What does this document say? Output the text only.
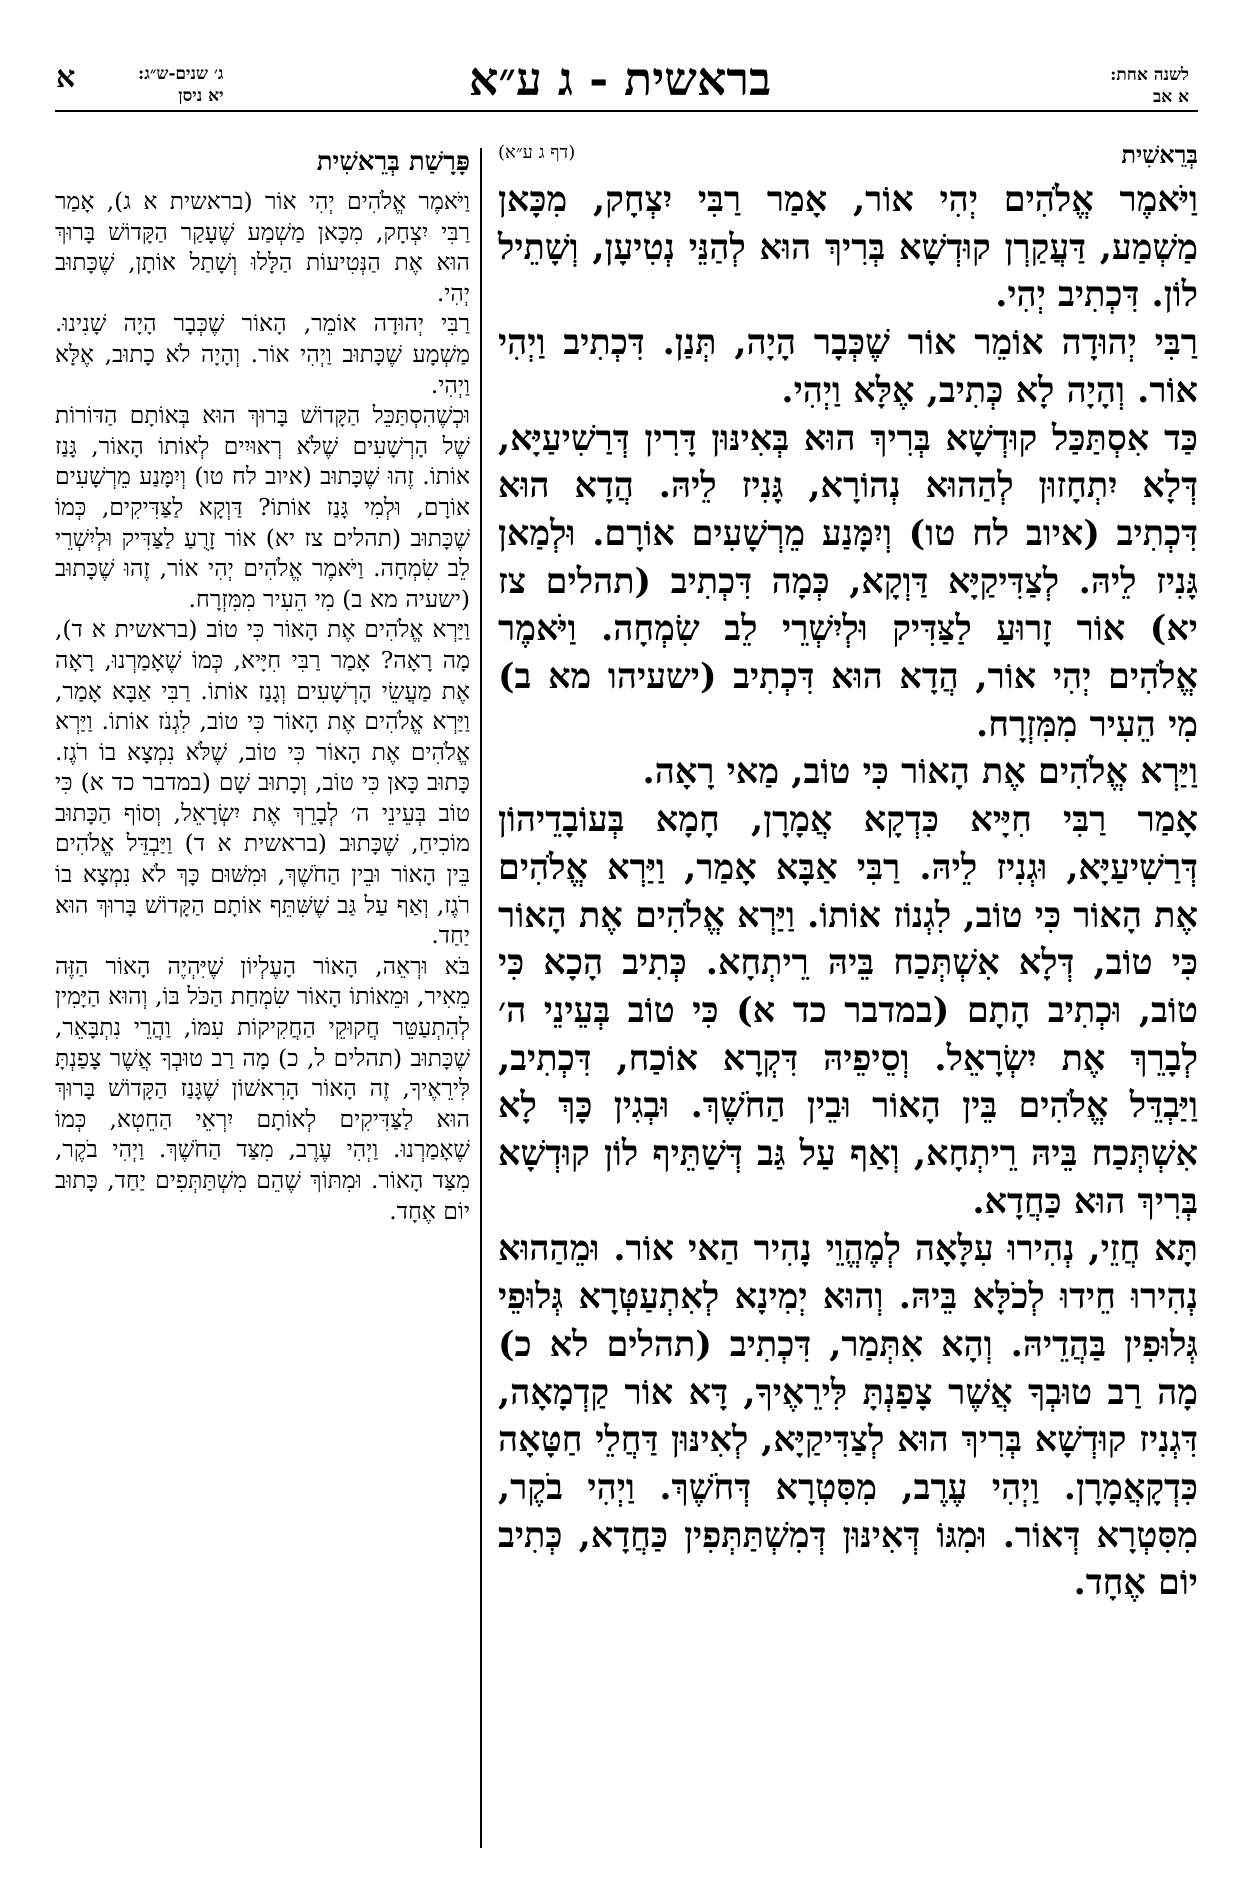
א	ג׳ שנים-ש״ג:
יא ניסן	בראשית - ג ע״א	לשנה אחת:
א אב
בְּרֵאשִׁית
(דף ג ע״א)

וַיֹּאמֶר אֱלֹהִים יְהִי אוֹר, אָמַר רַבִּי יִצְחָק, מִכָּאן מַשְׁמַע, דַּעֲקַרְן קוּדְשָׁא בְּרִיךְ הוּא לְהַנֵּי נְטִיעָן, וְשָׁתֵיל לוֹן. דִּכְתִיב יְהִי.

רַבִּי יְהוּדָה אוֹמֵר אוֹר שֶׁכְּבָר הָיָה, תְּנַן. דִּכְתִיב וַיְהִי אוֹר. וְהָיָה לָא כְּתִיב, אֶלָּא וַיְהִי.

כַּד אִסְתַּכַּל קוּדְשָׁא בְּרִיךְ הוּא בְּאִינּוּן דָּרִין דְּרַשִׁיעַיָּא, דְּלָא יִתְחָזוּן לְהַהוּא נְהוֹרָא, גָּנִיז לֵיהּ. הֲדָא הוּא דִּכְתִיב (איוב לח טו) וְיִמָּנַע מֵרְשָׁעִים אוֹרָם. וּלְמַאן גָּנִיז לֵיהּ. לְצַדִּיקַיָּא דַּוְקָא, כְּמָה דִּכְתִיב (תהלים צז יא) אוֹר זָרוּעַ לַצַּדִּיק וּלְיִשְׁרֵי לֵב שִׂמְחָה. וַיֹּאמֶר אֱלֹהִים יְהִי אוֹר, הֲדָא הוּא דִּכְתִיב (ישעיהו מא ב) מִי הֵעִיר מִמִּזְרָח.

וַיַּרְא אֱלֹהִים אֶת הָאוֹר כִּי טוֹב, מַאי רָאָה.

אָמַר רַבִּי חִיָּיא כִּדְקָא אֲמָרָן, חָמָא בְּעוֹבָדֵיהוֹן דְּרַשִׁיעַיָּא, וּגְנִיז לֵיהּ. רַבִּי אַבָּא אָמַר, וַיַּרְא אֱלֹהִים אֶת הָאוֹר כִּי טוֹב, לִגְנוֹז אוֹתוֹ. וַיַּרְא אֱלֹהִים אֶת הָאוֹר כִּי טוֹב, דְּלָא אִשְׁתְּכַח בֵּיהּ רֵיתְחָא. כְּתִיב הָכָא כִּי טוֹב, וּכְתִיב הָתָם (במדבר כד א) כִּי טוֹב בְּעֵינֵי ה׳ לְבָרֵךְ אֶת יִשְׂרָאֵל. וְסֵיפֵיהּ דִּקְרָא אוֹכַח, דִּכְתִיב, וַיַּבְדֵּל אֱלֹהִים בֵּין הָאוֹר וּבֵין הַחֹשֶׁךְ. וּבְגִין כָּךְ לָא אִשְׁתְּכַח בֵּיהּ רֵיתְחָא, וְאַף עַל גַּב דְּשַׁתֵּיף לוֹן קוּדְשָׁא בְּרִיךְ הוּא כַּחֲדָא.

תָּא חֲזֵי, נְהִירוּ עִלָּאָה לְמֶהֱוֵי נָהִיר הַאי אוֹר. וּמֵהַהוּא נְהִירוּ חֵידוּ לְכֹלָּא בֵּיהּ. וְהוּא יְמִינָא לְאִתְעַטְּרָא גְּלוּפֵי גְּלוּפִין בַּהֲדֵיהּ. וְהָא אִתְּמַר, דִּכְתִיב (תהלים לא כ) מָה רַב טוּבְךָ אֲשֶׁר צָפַנְתָּ לִּירֵאֶיךָ, דָּא אוֹר קַדְמָאָה, דִּגְנִיז קוּדְשָׁא בְּרִיךְ הוּא לְצַדִּיקַיָּא, לְאִינּוּן דַּחֲלֵי חַטָּאָה כִּדְקָאֲמָרָן. וַיְהִי עֶרֶב, מִסִּטְרָא דְּחֹשֶׁךְ. וַיְהִי בֹקֶר, מִסִּטְרָא דְּאוֹר. וּמִגּוֹ דְּאִינּוּן דְּמִשְׁתַּתְּפִין כַּחֲדָא, כְּתִיב יוֹם אֶחָד.

פָּרָשַׁת בְּרֵאשִׁית

וַיֹּאמֶר אֱלֹהִים יְהִי אוֹר (בראשית א ג), אָמַר רַבִּי יִצְחָק, מִכָּאן מַשְׁמַע שֶׁעָקַר הַקָּדוֹשׁ בָּרוּךְ הוּא אֶת הַנְּטִיעוֹת הַלָּלוּ וְשָׁתַל אוֹתָן, שֶׁכָּתוּב יְהִי.

רַבִּי יְהוּדָה אוֹמֵר, הָאוֹר שֶׁכְּבָר הָיָה שָׁנִינוּ. מַשְׁמָע שֶׁכָּתוּב וַיְהִי אוֹר. וְהָיָה לֹא כָתוּב, אֶלָּא וַיְהִי.

וּכְשֶׁהִסְתַּכֵּל הַקָּדוֹשׁ בָּרוּךְ הוּא בְּאוֹתָם הַדּוֹרוֹת שֶׁל הָרְשָׁעִים שֶׁלֹּא רְאוּיִים לְאוֹתוֹ הָאוֹר, גָּנַז אוֹתוֹ. זֶהוּ שֶׁכָּתוּב (איוב לח טו) וְיִמָּנַע מֵרְשָׁעִים אוֹרָם, וּלְמִי גָּנַז אוֹתוֹ? דַּוְקָא לַצַּדִּיקִים, כְּמוֹ שֶׁכָּתוּב (תהלים צז יא) אוֹר זָרֻעַ לַצַּדִּיק וּלְיִשְׁרֵי לֵב שִׂמְחָה. וַיֹּאמֶר אֱלֹהִים יְהִי אוֹר, זֶהוּ שֶׁכָּתוּב (ישעיה מא ב) מִי הֵעִיר מִמִּזְרָח.

וַיַּרְא אֱלֹהִים אֶת הָאוֹר כִּי טוֹב (בראשית א ד), מָה רָאָה? אָמַר רַבִּי חִיָּיא, כְּמוֹ שֶׁאָמַרְנוּ, רָאָה אֶת מַעֲשֵׂי הָרְשָׁעִים וְגָנַז אוֹתוֹ. רַבִּי אַבָּא אָמַר, וַיַּרְא אֱלֹהִים אֶת הָאוֹר כִּי טוֹב, לִגְנֹז אוֹתוֹ. וַיַּרְא אֱלֹהִים אֶת הָאוֹר כִּי טוֹב, שֶׁלֹּא נִמְצָא בוֹ רֹגֶז. כָּתוּב כָּאן כִּי טוֹב, וְכָתוּב שָׁם (במדבר כד א) כִּי טוֹב בְּעֵינֵי ה׳ לְבָרֵךְ אֶת יִשְׂרָאֵל, וְסוֹף הַכָּתוּב מוֹכִיחַ, שֶׁכָּתוּב (בראשית א ד) וַיַּבְדֵּל אֱלֹהִים בֵּין הָאוֹר וּבֵין הַחֹשֶׁךְ, וּמִשּׁוּם כָּךְ לֹא נִמְצָא בוֹ רֹגֶז, וְאַף עַל גַּב שֶׁשִּׁתֵּף אוֹתָם הַקָּדוֹשׁ בָּרוּךְ הוּא יַחַד.

בֹּא וּרְאֵה, הָאוֹר הָעֶלְיוֹן שֶׁיִּהְיֶה הָאוֹר הַזֶּה מֵאִיר, וּמֵאוֹתוֹ הָאוֹר שִׂמְחַת הַכֹּל בּוֹ, וְהוּא הַיָּמִין לְהִתְעַטֵּר חֲקוּקֵי הַחֲקִיקוֹת עִמּוֹ, וַהֲרֵי נִתְבָּאֵר, שֶׁכָּתוּב (תהלים ל, כ) מָה רַב טוּבְךָ אֲשֶׁר צָפַנְתָּ לִּירֵאֶיךָ, זֶה הָאוֹר הָרִאשׁוֹן שֶׁגָּנַז הַקָּדוֹשׁ בָּרוּךְ הוּא לַצַּדִּיקִים לְאוֹתָם יִרְאֵי הַחֵטְא, כְּמוֹ שֶׁאָמַרְנוּ. וַיְהִי עֶרֶב, מִצַּד הַחֹשֶׁךְ. וַיְהִי בֹקֶר, מִצַּד הָאוֹר. וּמִתּוֹךְ שֶׁהֵם מִשְׁתַּתְּפִים יַחַד, כָּתוּב יוֹם אֶחָד.
